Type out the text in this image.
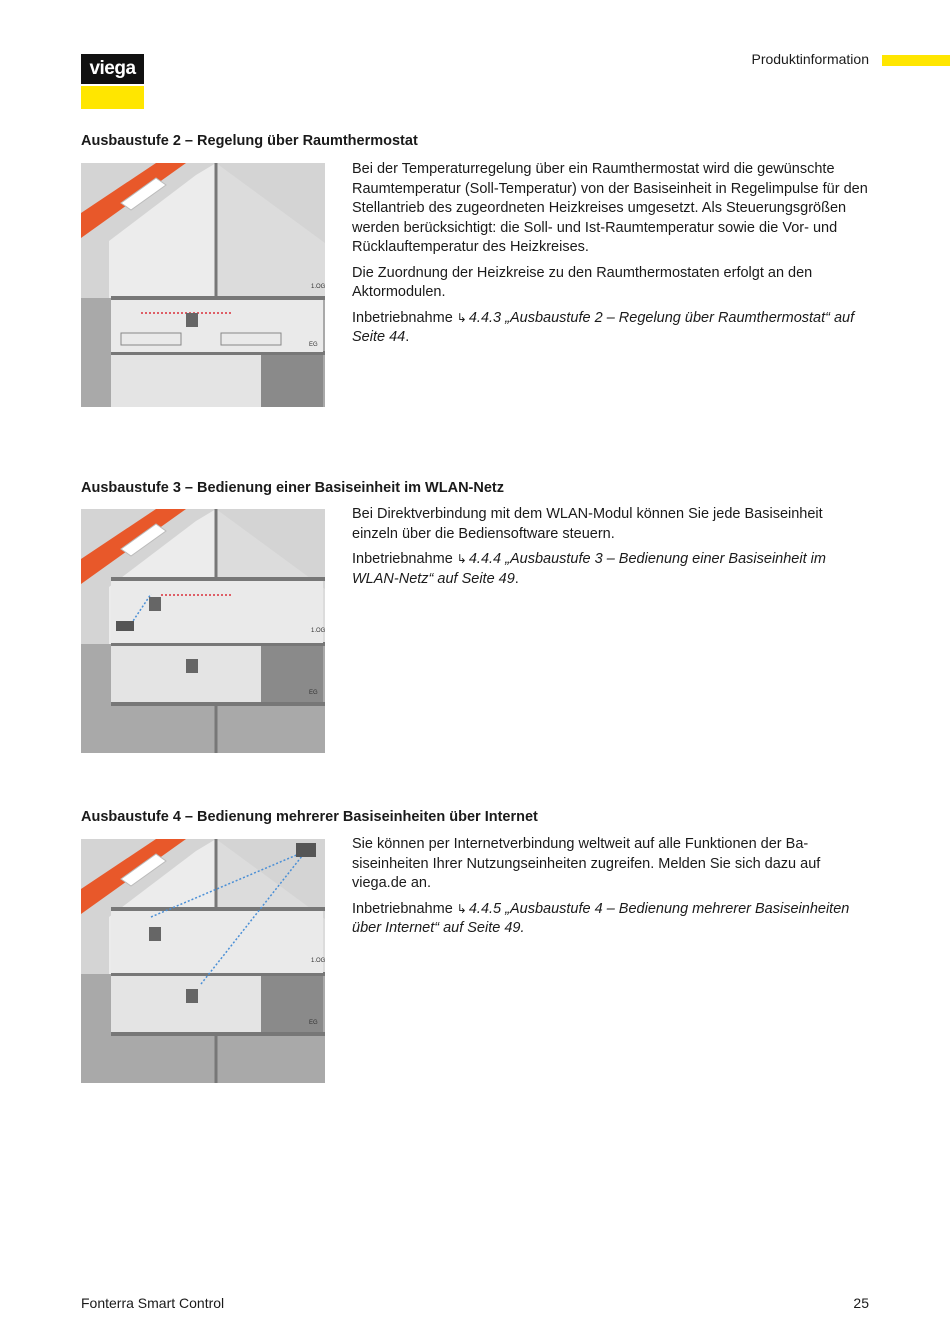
viega	Produktinformation
Ausbaustufe 2 – Regelung über Raumthermostat
1.OG
EG

Bei der Temperaturregelung über ein Raumthermostat wird die gewünschte Raumtemperatur (Soll-Temperatur) von der Basiseinheit in Regelimpulse für den Stellantrieb des zugeordneten Heizkreises umgesetzt. Als Steuerungsgrößen werden berücksichtigt: die Soll- und Ist-Raumtemperatur sowie die Vor- und Rücklauftemperatur des Heizkreises.

Die Zuordnung der Heizkreise zu den Raumthermostaten erfolgt an den Aktormodulen.

Inbetriebnahme ↳ 4.4.3 „Ausbaustufe 2 – Regelung über Raumthermostat“ auf Seite 44.

Ausbaustufe 3 – Bedienung einer Basiseinheit im WLAN-Netz
1.OG
EG

Bei Direktverbindung mit dem WLAN-Modul können Sie jede Basiseinheit einzeln über die Bediensoftware steuern.

Inbetriebnahme ↳ 4.4.4 „Ausbaustufe 3 – Bedienung einer Basiseinheit im WLAN-Netz“ auf Seite 49.

Ausbaustufe 4 – Bedienung mehrerer Basiseinheiten über Internet
1.OG
EG

Sie können per Internetverbindung weltweit auf alle Funktionen der Basiseinheiten Ihrer Nutzungseinheiten zugreifen. Melden Sie sich dazu auf viega.de an.

Inbetriebnahme ↳ 4.4.5 „Ausbaustufe 4 – Bedienung mehrerer Basiseinheiten über Internet“ auf Seite 49.

Fonterra Smart Control	25
